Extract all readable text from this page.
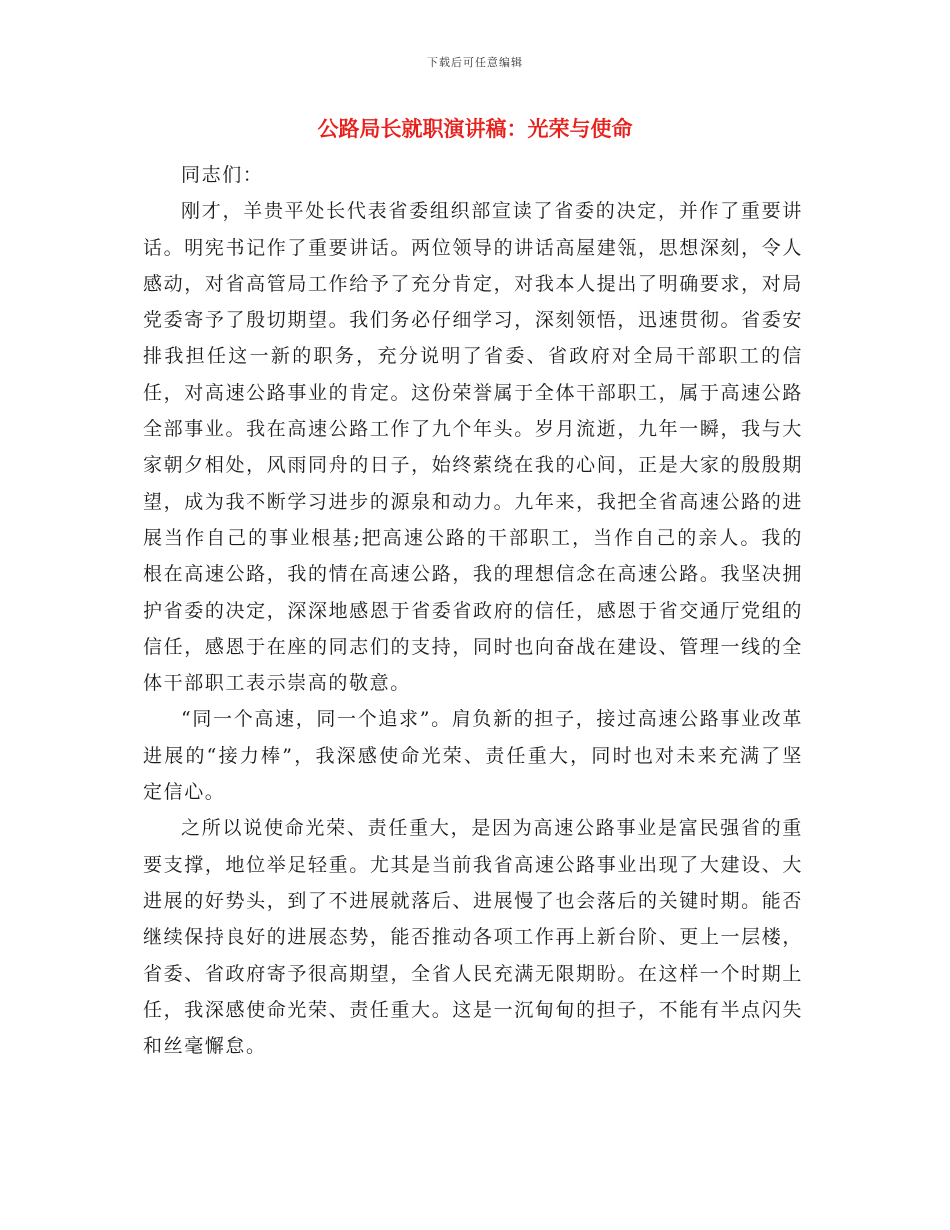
下载后可任意编辑
公路局长就职演讲稿：光荣与使命

同志们：

刚才，羊贵平处长代表省委组织部宣读了省委的决定，并作了重要讲话。明宪书记作了重要讲话。两位领导的讲话高屋建瓴，思想深刻，令人感动，对省高管局工作给予了充分肯定，对我本人提出了明确要求，对局党委寄予了殷切期望。我们务必仔细学习，深刻领悟，迅速贯彻。省委安排我担任这一新的职务，充分说明了省委、省政府对全局干部职工的信任，对高速公路事业的肯定。这份荣誉属于全体干部职工，属于高速公路全部事业。我在高速公路工作了九个年头。岁月流逝，九年一瞬，我与大家朝夕相处，风雨同舟的日子，始终萦绕在我的心间，正是大家的殷殷期望，成为我不断学习进步的源泉和动力。九年来，我把全省高速公路的进展当作自己的事业根基;把高速公路的干部职工，当作自己的亲人。我的根在高速公路，我的情在高速公路，我的理想信念在高速公路。我坚决拥护省委的决定，深深地感恩于省委省政府的信任，感恩于省交通厅党组的信任，感恩于在座的同志们的支持，同时也向奋战在建设、管理一线的全体干部职工表示崇高的敬意。

“同一个高速，同一个追求”。肩负新的担子，接过高速公路事业改革进展的“接力棒”，我深感使命光荣、责任重大，同时也对未来充满了坚定信心。

之所以说使命光荣、责任重大，是因为高速公路事业是富民强省的重要支撑，地位举足轻重。尤其是当前我省高速公路事业出现了大建设、大进展的好势头，到了不进展就落后、进展慢了也会落后的关键时期。能否继续保持良好的进展态势，能否推动各项工作再上新台阶、更上一层楼，省委、省政府寄予很高期望，全省人民充满无限期盼。在这样一个时期上任，我深感使命光荣、责任重大。这是一沉甸甸的担子，不能有半点闪失和丝毫懈怠。
